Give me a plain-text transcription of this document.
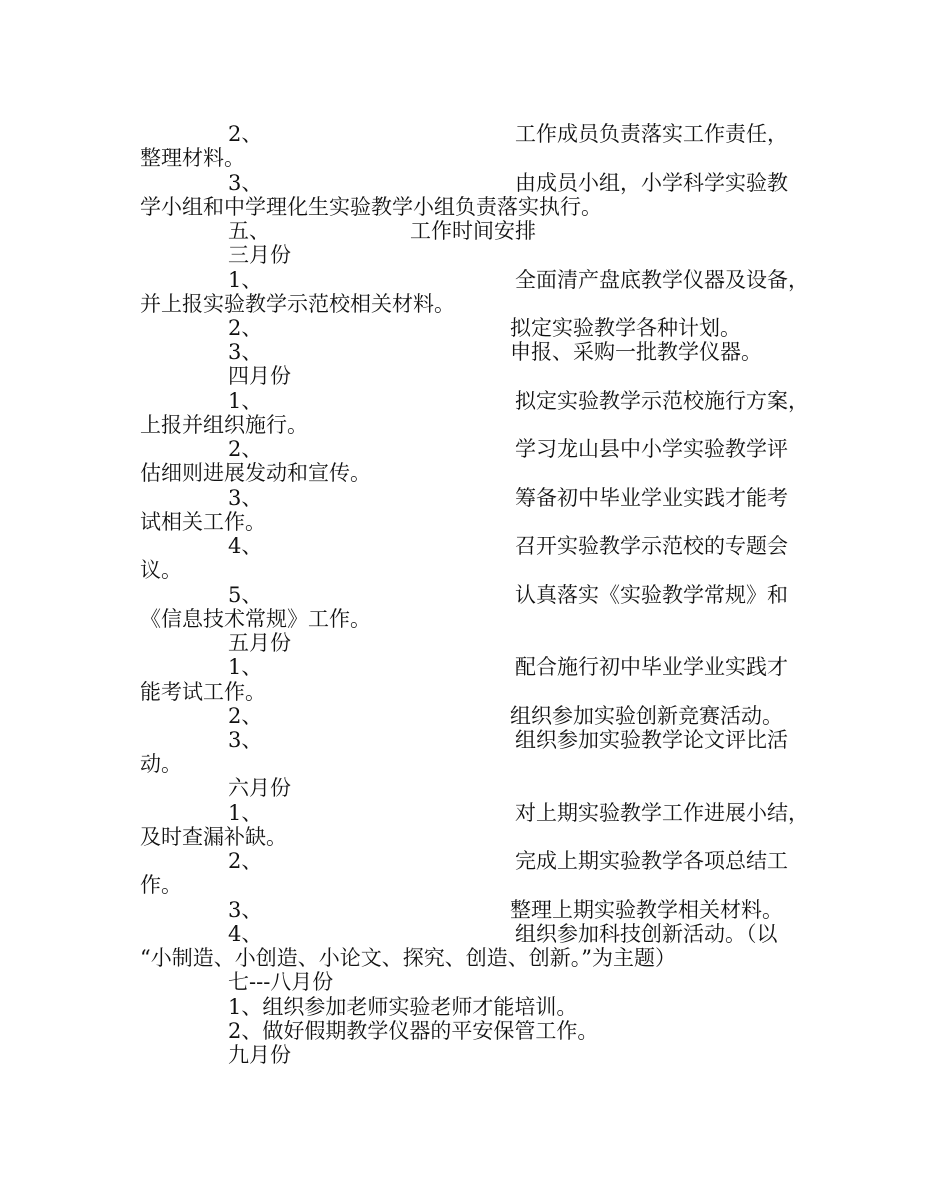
2、	工作成员负责落实工作责任，
整理材料。
3、	由成员小组，小学科学实验教
学小组和中学理化生实验教学小组负责落实执行。
五、	工作时间安排
三月份
1、	全面清产盘底教学仪器及设备，
并上报实验教学示范校相关材料。
2、	拟定实验教学各种计划。
3、	申报、采购一批教学仪器。
四月份
1、	拟定实验教学示范校施行方案，
上报并组织施行。
2、	学习龙山县中小学实验教学评
估细则进展发动和宣传。
3、	筹备初中毕业学业实践才能考
试相关工作。
4、	召开实验教学示范校的专题会
议。
5、	认真落实《实验教学常规》和
《信息技术常规》工作。
五月份
1、	配合施行初中毕业学业实践才
能考试工作。
2、	组织参加实验创新竞赛活动。
3、	组织参加实验教学论文评比活
动。
六月份
1、	对上期实验教学工作进展小结，
及时查漏补缺。
2、	完成上期实验教学各项总结工
作。
3、	整理上期实验教学相关材料。
4、	组织参加科技创新活动。（以
“小制造、小创造、小论文、探究、创造、创新。”为主题）
七---八月份
1、组织参加老师实验老师才能培训。
2、做好假期教学仪器的平安保管工作。
九月份
